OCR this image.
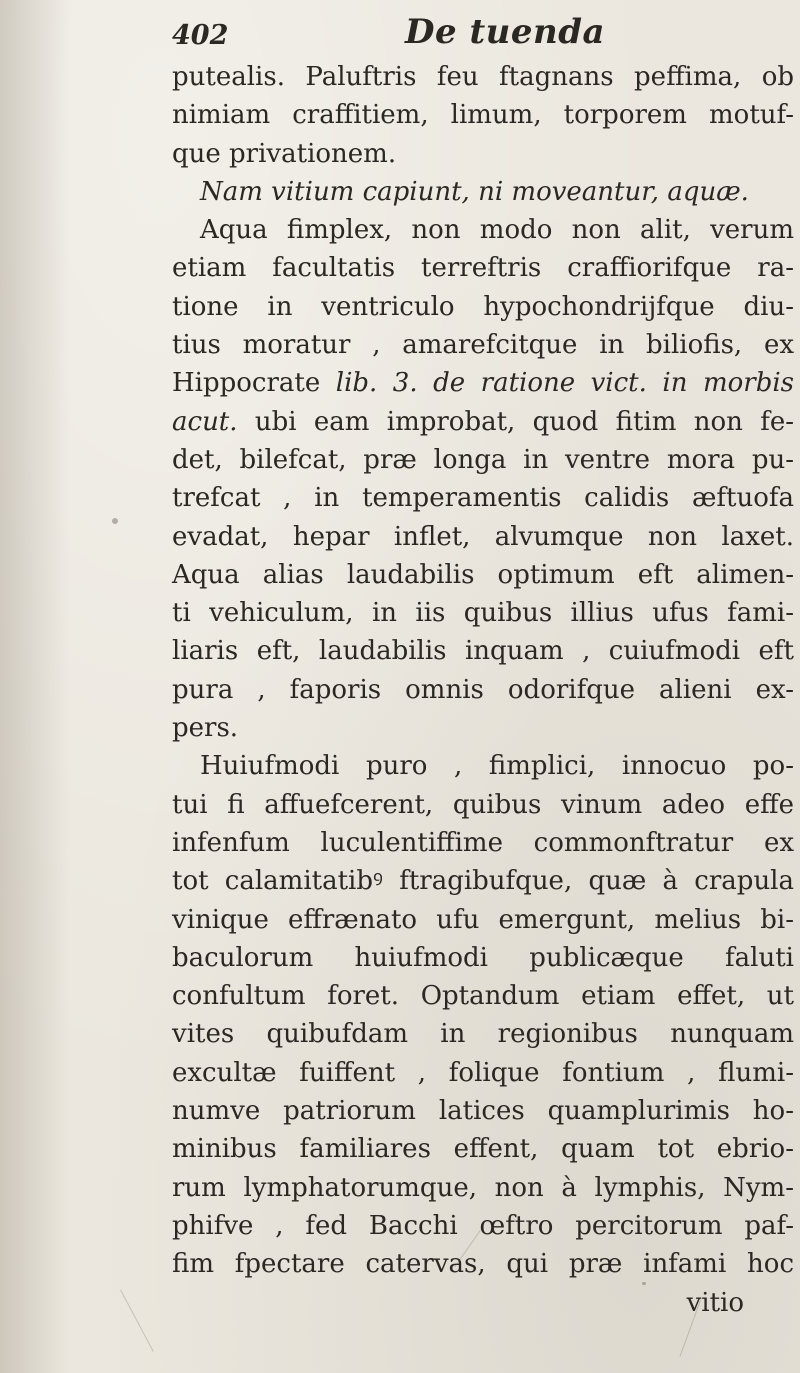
402	De tuenda
putealis. Paluftris feu ftagnans peffima, ob
nimiam craffitiem, limum, torporem motuf-
que privationem.
Nam vitium capiunt, ni moveantur, aquæ.
Aqua fimplex, non modo non alit, verum
etiam facultatis terreftris craffiorifque ra-
tione in ventriculo hypochondrijfque diu-
tius moratur , amarefcitque in biliofis, ex
Hippocrate lib. 3. de ratione vict. in morbis
acut. ubi eam improbat, quod fitim non fe-
det, bilefcat, præ longa in ventre mora pu-
trefcat , in temperamentis calidis æftuofa
evadat, hepar inflet, alvumque non laxet.
Aqua alias laudabilis optimum eft alimen-
ti vehiculum, in iis quibus illius ufus fami-
liaris eft, laudabilis inquam , cuiufmodi eft
pura , faporis omnis odorifque alieni ex-
pers.
Huiufmodi puro , fimplici, innocuo po-
tui fi affuefcerent, quibus vinum adeo effe
infenfum luculentiffime commonftratur ex
tot calamitatibꝰ ftragibufque, quæ à crapula
vinique effrænato ufu emergunt, melius bi-
baculorum huiufmodi publicæque faluti
confultum foret. Optandum etiam effet, ut
vites quibufdam in regionibus nunquam
excultæ fuiffent , folique fontium , flumi-
numve patriorum latices quamplurimis ho-
minibus familiares effent, quam tot ebrio-
rum lymphatorumque, non à lymphis, Nym-
phifve , fed Bacchi œftro percitorum paf-
fim fpectare catervas, qui præ infami hoc
vitio
